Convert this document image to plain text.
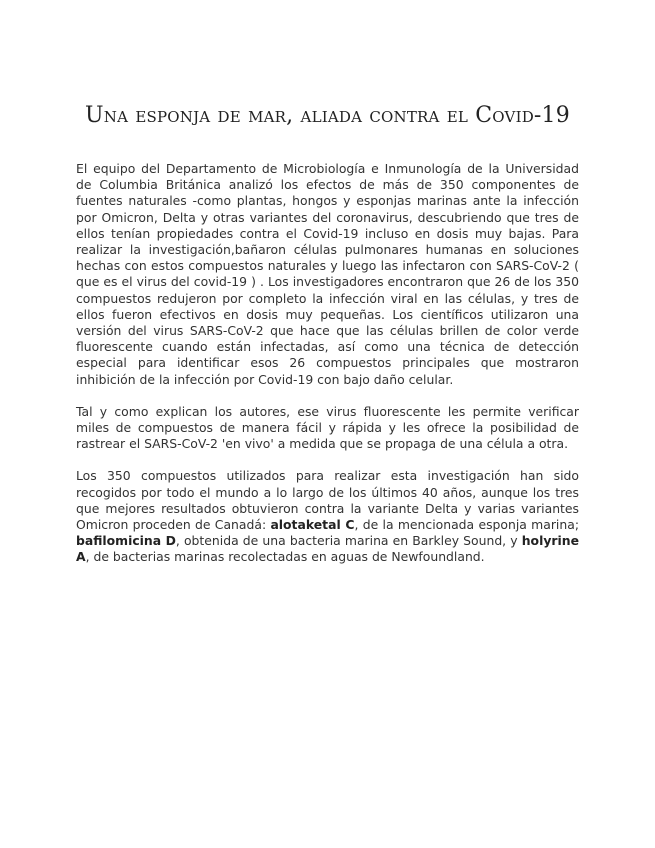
Una esponja de mar, aliada contra el Covid-19

El equipo del Departamento de Microbiología e Inmunología de la Universidad de Columbia Británica analizó los efectos de más de 350 componentes de fuentes naturales -como plantas, hongos y esponjas marinas ante la infección por Omicron, Delta y otras variantes del coronavirus, descubriendo que tres de ellos tenían propiedades contra el Covid-19 incluso en dosis muy bajas. Para realizar la investigación,bañaron células pulmonares humanas en soluciones hechas con estos compuestos naturales y luego las infectaron con SARS-CoV-2 ( que es el virus del covid-19 ) . Los investigadores encontraron que 26 de los 350 compuestos redujeron por completo la infección viral en las células, y tres de ellos fueron efectivos en dosis muy pequeñas. Los científicos utilizaron una versión del virus SARS-CoV-2 que hace que las células brillen de color verde fluorescente cuando están infectadas, así como una técnica de detección especial para identificar esos 26 compuestos principales que mostraron inhibición de la infección por Covid-19 con bajo daño celular.

Tal y como explican los autores, ese virus fluorescente les permite verificar miles de compuestos de manera fácil y rápida y les ofrece la posibilidad de rastrear el SARS-CoV-2 'en vivo' a medida que se propaga de una célula a otra.

Los 350 compuestos utilizados para realizar esta investigación han sido recogidos por todo el mundo a lo largo de los últimos 40 años, aunque los tres que mejores resultados obtuvieron contra la variante Delta y varias variantes Omicron proceden de Canadá: alotaketal C, de la mencionada esponja marina; bafilomicina D, obtenida de una bacteria marina en Barkley Sound, y holyrine A, de bacterias marinas recolectadas en aguas de Newfoundland.
